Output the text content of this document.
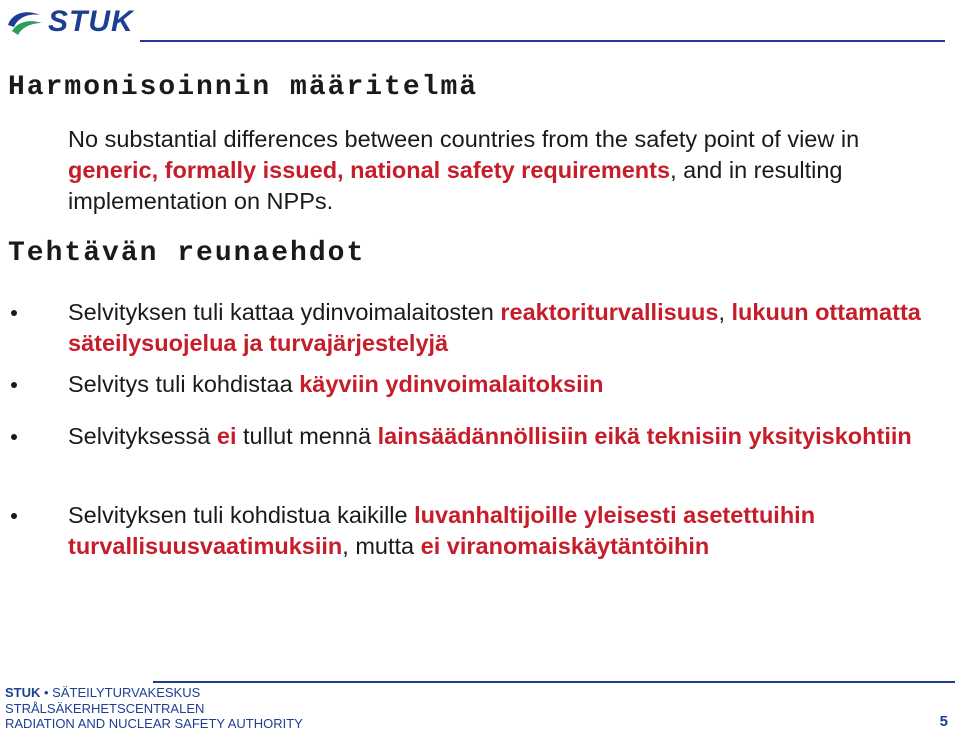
STUK
Harmonisoinnin määritelmä
No substantial differences between countries from the safety point of view in generic, formally issued, national safety requirements, and in resulting implementation on NPPs.
Tehtävän reunaehdot
Selvityksen tuli kattaa ydinvoimalaitosten reaktoriturvallisuus, lukuun ottamatta säteilysuojelua ja turvajärjestelyjä
Selvitys tuli kohdistaa käyviin ydinvoimalaitoksiin
Selvityksessä ei tullut mennä lainsäädännöllisiin eikä teknisiin yksityiskohtiin
Selvityksen tuli kohdistua kaikille luvanhaltijoille yleisesti asetettuihin turvallisuusvaatimuksiin, mutta ei viranomaiskäytäntöihin
STUK • SÄTEILYTURVAKESKUS
STRÅLSÄKERHETSCENTRALEN
RADIATION AND NUCLEAR SAFETY AUTHORITY	5
